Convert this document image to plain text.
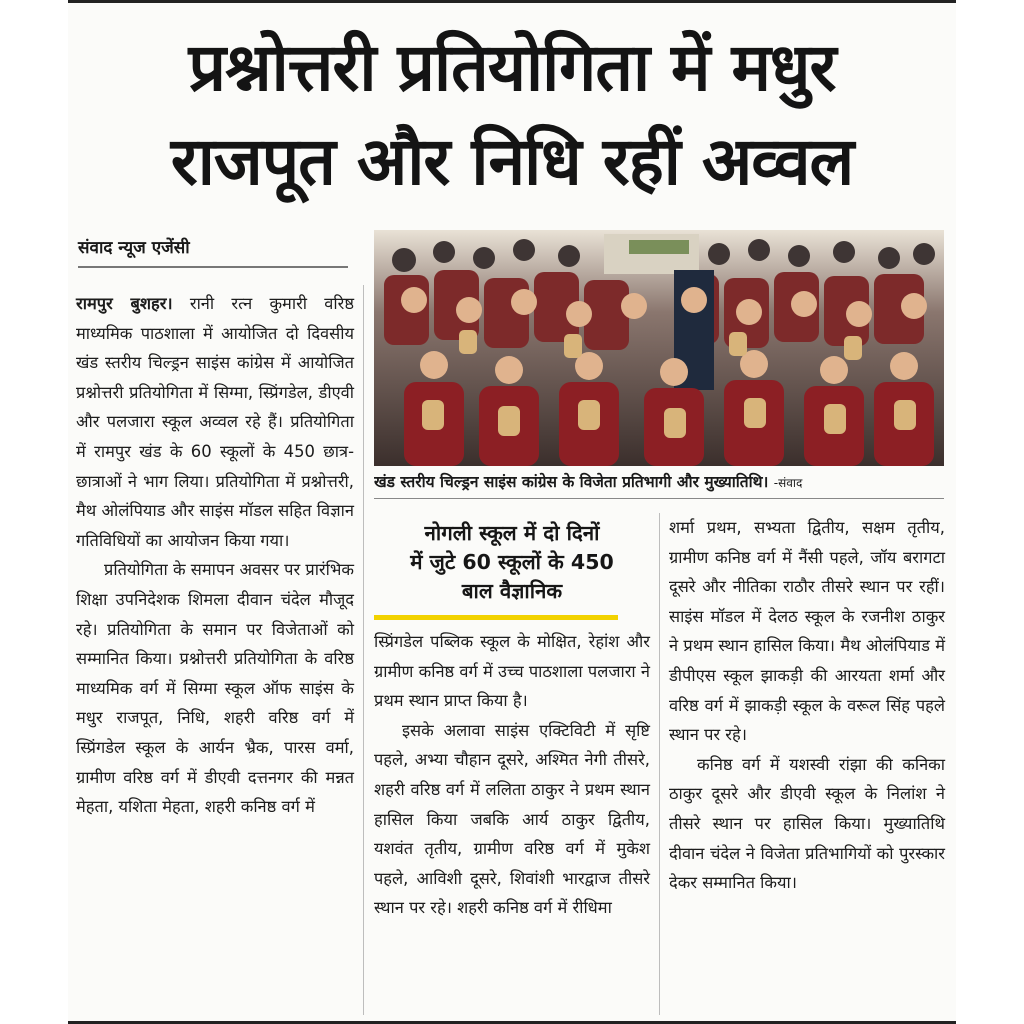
प्रश्नोत्तरी प्रतियोगिता में मधुर
राजपूत और निधि रहीं अव्वल
संवाद न्यूज एजेंसी

रामपुर बुशहर। रानी रत्न कुमारी वरिष्ठ माध्यमिक पाठशाला में आयोजित दो दिवसीय खंड स्तरीय चिल्ड्रन साइंस कांग्रेस में आयोजित प्रश्नोत्तरी प्रतियोगिता में सिग्मा, स्प्रिंगडेल, डीएवी और पलजारा स्कूल अव्वल रहे हैं। प्रतियोगिता में रामपुर खंड के 60 स्कूलों के 450 छात्र-छात्राओं ने भाग लिया। प्रतियोगिता में प्रश्नोत्तरी, मैथ ओलंपियाड और साइंस मॉडल सहित विज्ञान गतिविधियों का आयोजन किया गया।

प्रतियोगिता के समापन अवसर पर प्रारंभिक शिक्षा उपनिदेशक शिमला दीवान चंदेल मौजूद रहे। प्रतियोगिता के समान पर विजेताओं को सम्मानित किया। प्रश्नोत्तरी प्रतियोगिता के वरिष्ठ माध्यमिक वर्ग में सिग्मा स्कूल ऑफ साइंस के मधुर राजपूत, निधि, शहरी वरिष्ठ वर्ग में स्प्रिंगडेल स्कूल के आर्यन भ्रैक, पारस वर्मा, ग्रामीण वरिष्ठ वर्ग में डीएवी दत्तनगर की मन्नत मेहता, यशिता मेहता, शहरी कनिष्ठ वर्ग में

खंड स्तरीय चिल्ड्रन साइंस कांग्रेस के विजेता प्रतिभागी और मुख्यातिथि। -संवाद
नोगली स्कूल में दो दिनों
में जुटे 60 स्कूलों के 450
बाल वैज्ञानिक

स्प्रिंगडेल पब्लिक स्कूल के मोक्षित, रेहांश और ग्रामीण कनिष्ठ वर्ग में उच्च पाठशाला पलजारा ने प्रथम स्थान प्राप्त किया है।

इसके अलावा साइंस एक्टिविटी में सृष्टि पहले, अभ्या चौहान दूसरे, अश्मित नेगी तीसरे, शहरी वरिष्ठ वर्ग में ललिता ठाकुर ने प्रथम स्थान हासिल किया जबकि आर्य ठाकुर द्वितीय, यशवंत तृतीय, ग्रामीण वरिष्ठ वर्ग में मुकेश पहले, आविशी दूसरे, शिवांशी भारद्वाज तीसरे स्थान पर रहे। शहरी कनिष्ठ वर्ग में रीधिमा

शर्मा प्रथम, सभ्यता द्वितीय, सक्षम तृतीय, ग्रामीण कनिष्ठ वर्ग में नैंसी पहले, जॉय बरागटा दूसरे और नीतिका राठौर तीसरे स्थान पर रहीं। साइंस मॉडल में देलठ स्कूल के रजनीश ठाकुर ने प्रथम स्थान हासिल किया। मैथ ओलंपियाड में डीपीएस स्कूल झाकड़ी की आरयता शर्मा और वरिष्ठ वर्ग में झाकड़ी स्कूल के वरूल सिंह पहले स्थान पर रहे।

कनिष्ठ वर्ग में यशस्वी रांझा की कनिका ठाकुर दूसरे और डीएवी स्कूल के निलांश ने तीसरे स्थान पर हासिल किया। मुख्यातिथि दीवान चंदेल ने विजेता प्रतिभागियों को पुरस्कार देकर सम्मानित किया।
